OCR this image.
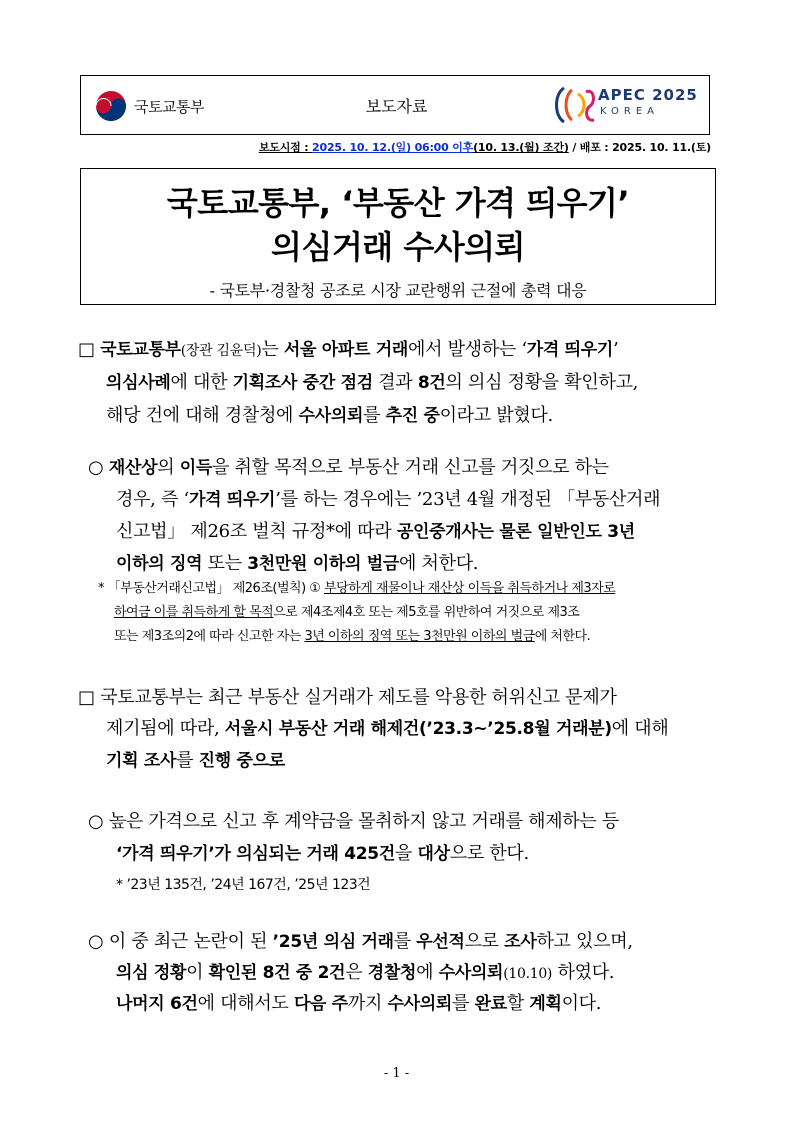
국토교통부	보도자료
APEC 2025
KOREA
보도시점 : 2025. 10. 12.(일) 06:00 이후(10. 13.(월) 조간) / 배포 : 2025. 10. 11.(토)
국토교통부, ‘부동산 가격 띄우기’
의심거래 수사의뢰
- 국토부·경찰청 공조로 시장 교란행위 근절에 총력 대응
□ 국토교통부(장관 김윤덕)는 서울 아파트 거래에서 발생하는 ‘가격 띄우기’
의심사례에 대한 기획조사 중간 점검 결과 8건의 의심 정황을 확인하고,
해당 건에 대해 경찰청에 수사의뢰를 추진 중이라고 밝혔다.
○ 재산상의 이득을 취할 목적으로 부동산 거래 신고를 거짓으로 하는
경우, 즉 ‘가격 띄우기’를 하는 경우에는 ’23년 4월 개정된 「부동산거래
신고법」 제26조 벌칙 규정*에 따라 공인중개사는 물론 일반인도 3년
이하의 징역 또는 3천만원 이하의 벌금에 처한다.
* 「부동산거래신고법」 제26조(벌칙) ① 부당하게 재물이나 재산상 이득을 취득하거나 제3자로
하여금 이를 취득하게 할 목적으로 제4조제4호 또는 제5호를 위반하여 거짓으로 제3조
또는 제3조의2에 따라 신고한 자는 3년 이하의 징역 또는 3천만원 이하의 벌금에 처한다.
□ 국토교통부는 최근 부동산 실거래가 제도를 악용한 허위신고 문제가
제기됨에 따라, 서울시 부동산 거래 해제건(’23.3~’25.8월 거래분)에 대해
기획 조사를 진행 중으로
○ 높은 가격으로 신고 후 계약금을 몰취하지 않고 거래를 해제하는 등
‘가격 띄우기’가 의심되는 거래 425건을 대상으로 한다.
* ’23년 135건, ’24년 167건, ’25년 123건
○ 이 중 최근 논란이 된 ’25년 의심 거래를 우선적으로 조사하고 있으며,
의심 정황이 확인된 8건 중 2건은 경찰청에 수사의뢰(10.10) 하였다.
나머지 6건에 대해서도 다음 주까지 수사의뢰를 완료할 계획이다.
- 1 -
